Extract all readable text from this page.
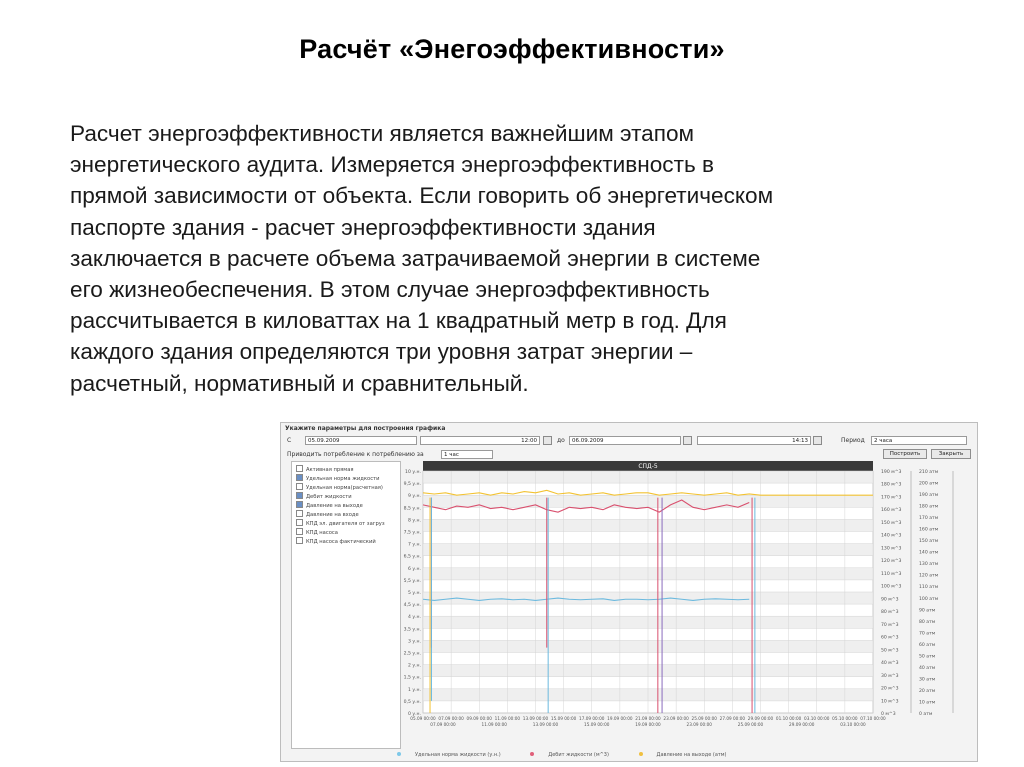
Расчёт «Энегоэффективности»
Расчет энергоэффективности является важнейшим этапом
энергетического аудита. Измеряется энергоэффективность в
прямой зависимости от объекта. Если говорить об энергетическом
паспорте здания - расчет энергоэффективности здания
заключается в расчете объема затрачиваемой энергии в системе
его жизнеобеспечения. В этом случае энергоэффективность
рассчитывается в киловаттах на 1 квадратный метр в год. Для
каждого здания определяются три уровня затрат энергии –
расчетный, нормативный и сравнительный.
Укажите параметры для построения графика
С	05.09.2009	12:00	до	06.09.2009	14:13	Период	2 часа
Приводить потребление к потреблению за	1 час	Построить	Закрыть
Активная прямая
Удельная норма жидкости
Удельная норма(расчетная)
Дебит жидкости
Давление на выходе
Давление на входе
КПД эл. двигателя от загруз
КПД насоса
КПД насоса фактический
СПД-5
10 у.н.
9,5 у.н.
9 у.н.
8,5 у.н.
8 у.н.
7,5 у.н.
7 у.н.
6,5 у.н.
6 у.н.
5,5 у.н.
5 у.н.
4,5 у.н.
4 у.н.
3,5 у.н.
3 у.н.
2,5 у.н.
2 у.н.
1,5 у.н.
1 у.н.
0,5 у.н.
0 у.н.
05.09 00:00 07.09 00:00 09.09 00:00 11.09 00:00 13.09 00:00 15.09 00:00 17.09 00:00 19.09 00:00 21.09 00:00 23.09 00:00 25.09 00:00 27.09 00:00 29.09 00:00 01.10 00:00 03.10 00:00 05.10 00:00 07.10 00:00
07.09 00:00	11.09 00:00	13.09 00:00	15.09 00:00	19.09 00:00	23.09 00:00	25.09 00:00	29.09 00:00	03.10 00:00
190 м^3
180 м^3
170 м^3
160 м^3
150 м^3
140 м^3
130 м^3
120 м^3
110 м^3
100 м^3
90 м^3
80 м^3
70 м^3
60 м^3
50 м^3
40 м^3
30 м^3
20 м^3
10 м^3
0 м^3
210 атм
200 атм
190 атм
180 атм
170 атм
160 атм
150 атм
140 атм
130 атм
120 атм
110 атм
100 атм
90 атм
80 атм
70 атм
60 атм
50 атм
40 атм
30 атм
20 атм
10 атм
0 атм
Удельная норма жидкости (у.н.)	Дебит жидкости (м^3)	Давление на выходе (атм)
